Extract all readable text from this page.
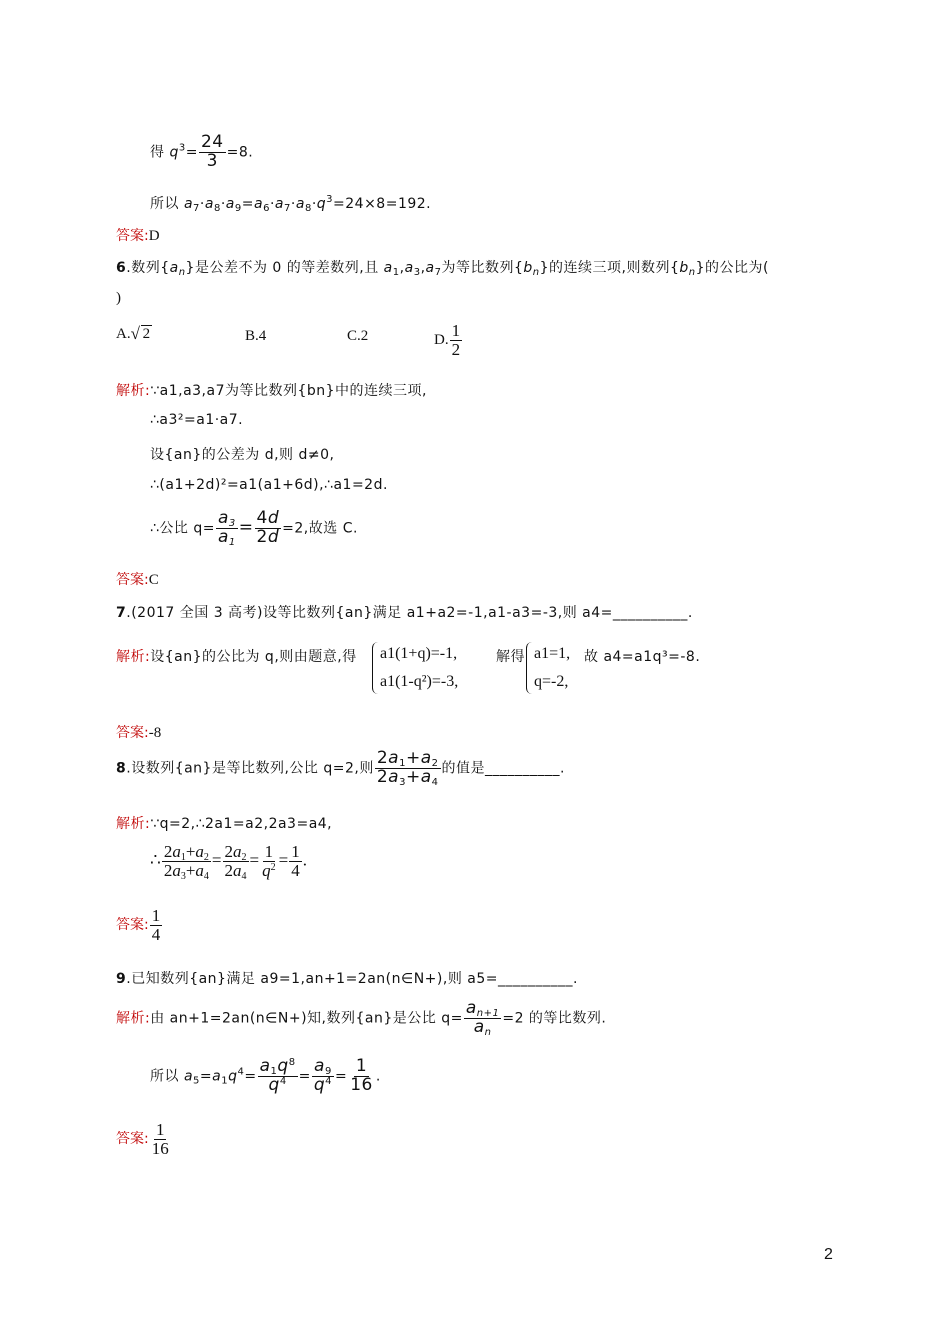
得 $q^3= \frac{24}{3} =8$.
所以 $a_7\cdot a_8\cdot a_9=a_6\cdot a_7\cdot a_8\cdot q^3=24\times 8=192$.
答案:D
6.数列$\{a_n\}$是公差不为 0 的等差数列,且 $a_1,a_3,a_7$为等比数列$\{b_n\}$的连续三项,则数列$\{b_n\}$的公比为(
)
A. √ 2	B.4	C.2	D. $\frac{1}{2}$
解析:∵a1,a3,a7为等比数列{bn}中的连续三项,
∴a3²=a1·a7.
设{an}的公差为 d,则 d≠0,
∴(a1+2d)²=a1(a1+6d),∴a1=2d.
∴公比 $q= \frac{a_3}{a_1} = \frac{4d}{2d} =2$,故选 C.
答案:C
7.(2017 全国 3 高考)设等比数列{an}满足 a1+a2=-1,a1-a3=-3,则 a4=__________.
解析:设{an}的公比为 q,则由题意,得 a1(1+q)=-1,
a1(1-q²)=-3,
解得 a1=1,
q=-2,
故 a4=a1q³=-8.
答案:-8
8.设数列{an}是等比数列,公比 q=2,则 $\frac{2a_1+a_2}{2a_3+a_4}$ 的值是__________.
解析:∵q=2,∴2a1=a2,2a3=a4,
∴ $\frac{2a_1+a_2}{2a_3+a_4} = \frac{2a_2}{2a_4} = \frac{1}{q^2} = \frac{1}{4}$ .
答案: $\frac{1}{4}$
9.已知数列{an}满足 a9=1,an+1=2an(n∈N+),则 a5=__________.
解析:由 an+1=2an(n∈N+)知,数列{an}是公比 $q= \frac{a_{n+1}}{a_n} =2$ 的等比数列.
所以 $a_5=a_1q^4= \frac{a_1q^8}{q^4} = \frac{a_9}{q^4} = \frac{1}{16}$ .
答案: $\frac{1}{16}$
2
